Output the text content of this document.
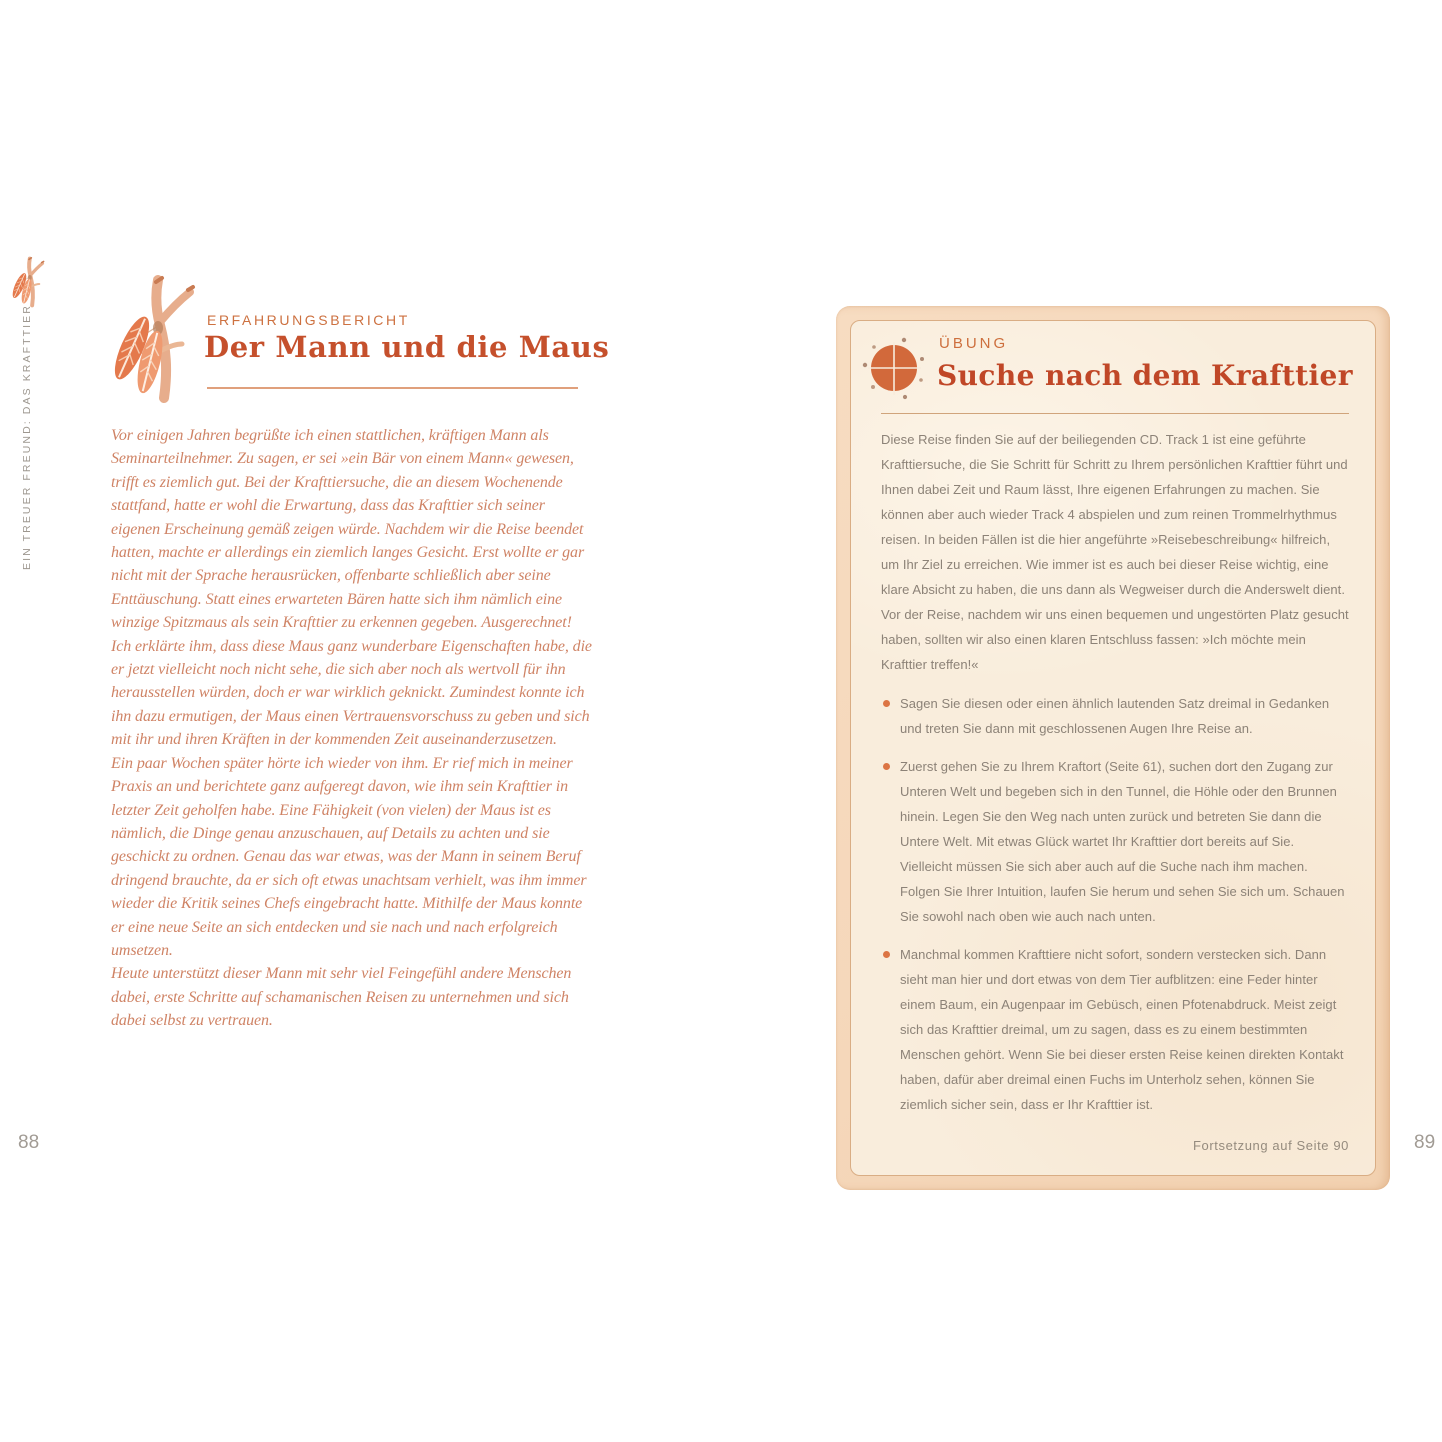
EIN TREUER FREUND: DAS KRAFTTIER	ERFAHRUNGSBERICHT
Der Mann und die Maus

Vor einigen Jahren begrüßte ich einen stattlichen, kräftigen Mann als Seminarteilnehmer. Zu sagen, er sei »ein Bär von einem Mann« gewesen, trifft es ziemlich gut. Bei der Krafttiersuche, die an diesem Wochenende stattfand, hatte er wohl die Erwartung, dass das Krafttier sich seiner eigenen Erscheinung gemäß zeigen würde. Nachdem wir die Reise beendet hatten, machte er allerdings ein ziemlich langes Gesicht. Erst wollte er gar nicht mit der Sprache herausrücken, offenbarte schließlich aber seine Enttäuschung. Statt eines erwarteten Bären hatte sich ihm nämlich eine winzige Spitzmaus als sein Krafttier zu erkennen gegeben. Ausgerechnet!

Ich erklärte ihm, dass diese Maus ganz wunderbare Eigenschaften habe, die er jetzt vielleicht noch nicht sehe, die sich aber noch als wertvoll für ihn herausstellen würden, doch er war wirklich geknickt. Zumindest konnte ich ihn dazu ermutigen, der Maus einen Vertrauensvorschuss zu geben und sich mit ihr und ihren Kräften in der kommenden Zeit auseinanderzusetzen.

Ein paar Wochen später hörte ich wieder von ihm. Er rief mich in meiner Praxis an und berichtete ganz aufgeregt davon, wie ihm sein Krafttier in letzter Zeit geholfen habe. Eine Fähigkeit (von vielen) der Maus ist es nämlich, die Dinge genau anzuschauen, auf Details zu achten und sie geschickt zu ordnen. Genau das war etwas, was der Mann in seinem Beruf dringend brauchte, da er sich oft etwas unachtsam verhielt, was ihm immer wieder die Kritik seines Chefs eingebracht hatte. Mithilfe der Maus konnte er eine neue Seite an sich entdecken und sie nach und nach erfolgreich umsetzen.

Heute unterstützt dieser Mann mit sehr viel Feingefühl andere Menschen dabei, erste Schritte auf schamanischen Reisen zu unternehmen und sich dabei selbst zu vertrauen.

88
ÜBUNG
Suche nach dem Krafttier

Diese Reise finden Sie auf der beiliegenden CD. Track 1 ist eine geführte Krafttiersuche, die Sie Schritt für Schritt zu Ihrem persönlichen Krafttier führt und Ihnen dabei Zeit und Raum lässt, Ihre eigenen Erfahrungen zu machen. Sie können aber auch wieder Track 4 abspielen und zum reinen Trommelrhythmus reisen. In beiden Fällen ist die hier angeführte »Reisebeschreibung« hilfreich, um Ihr Ziel zu erreichen. Wie immer ist es auch bei dieser Reise wichtig, eine klare Absicht zu haben, die uns dann als Wegweiser durch die Anderswelt dient. Vor der Reise, nachdem wir uns einen bequemen und ungestörten Platz gesucht haben, sollten wir also einen klaren Entschluss fassen: »Ich möchte mein Krafttier treffen!«

Sagen Sie diesen oder einen ähnlich lautenden Satz dreimal in Gedanken und treten Sie dann mit geschlossenen Augen Ihre Reise an.
Zuerst gehen Sie zu Ihrem Kraftort (Seite 61), suchen dort den Zugang zur Unteren Welt und begeben sich in den Tunnel, die Höhle oder den Brunnen hinein. Legen Sie den Weg nach unten zurück und betreten Sie dann die Untere Welt. Mit etwas Glück wartet Ihr Krafttier dort bereits auf Sie. Vielleicht müssen Sie sich aber auch auf die Suche nach ihm machen. Folgen Sie Ihrer Intuition, laufen Sie herum und sehen Sie sich um. Schauen Sie sowohl nach oben wie auch nach unten.
Manchmal kommen Krafttiere nicht sofort, sondern verstecken sich. Dann sieht man hier und dort etwas von dem Tier aufblitzen: eine Feder hinter einem Baum, ein Augenpaar im Gebüsch, einen Pfotenabdruck. Meist zeigt sich das Krafttier dreimal, um zu sagen, dass es zu einem bestimmten Menschen gehört. Wenn Sie bei dieser ersten Reise keinen direkten Kontakt haben, dafür aber dreimal einen Fuchs im Unterholz sehen, können Sie ziemlich sicher sein, dass er Ihr Krafttier ist.
Fortsetzung auf Seite 90	89
